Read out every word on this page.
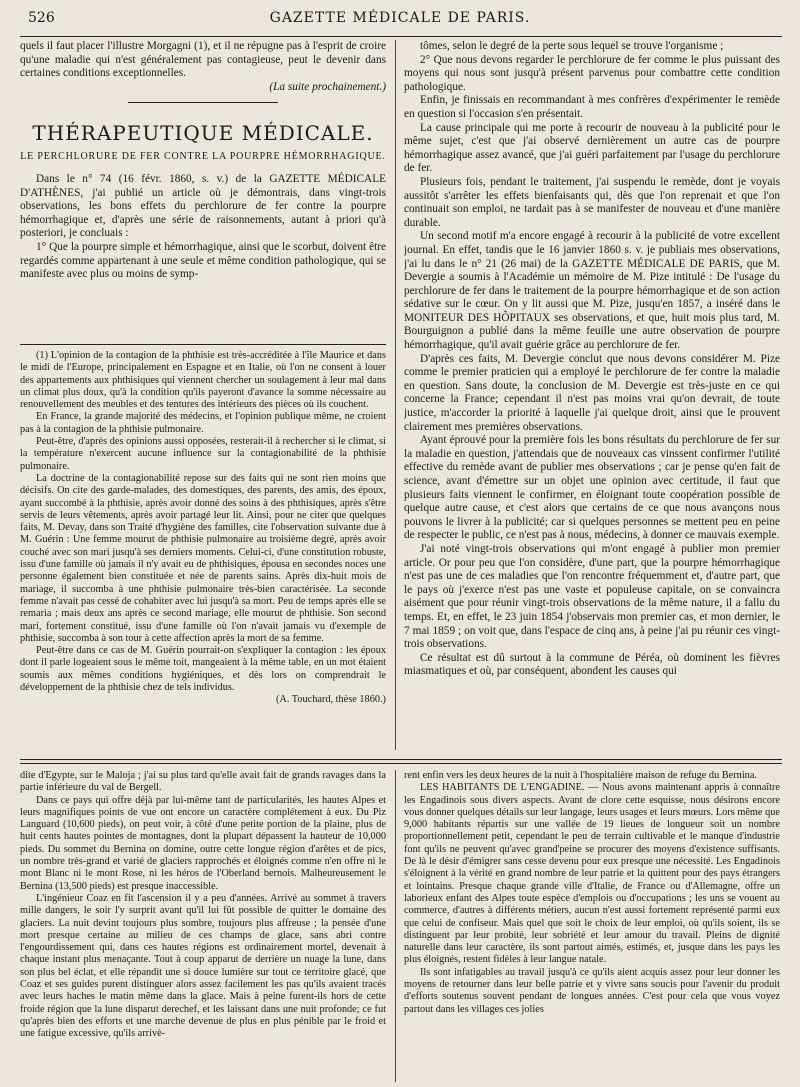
526	GAZETTE MÉDICALE DE PARIS.

quels il faut placer l'illustre Morgagni (1), et il ne répugne pas à l'esprit de croire qu'une maladie qui n'est généralement pas contagieuse, peut le devenir dans certaines conditions exceptionnelles.

(La suite prochainement.)

THÉRAPEUTIQUE MÉDICALE.
LE PERCHLORURE DE FER CONTRE LA POURPRE HÉMORRHAGIQUE.

Dans le n° 74 (16 févr. 1860, s. v.) de la GAZETTE MÉDICALE D'ATHÈNES, j'ai publié un article où je démontrais, dans vingt-trois observations, les bons effets du perchlorure de fer contre la pourpre hémorrhagique et, d'après une série de raisonnements, autant à priori qu'à posteriori, je concluais :

1° Que la pourpre simple et hémorrhagique, ainsi que le scorbut, doivent être regardés comme appartenant à une seule et même condition pathologique, qui se manifeste avec plus ou moins de symp-

(1) L'opinion de la contagion de la phthisie est très-accréditée à l'île Maurice et dans le midi de l'Europe, principalement en Espagne et en Italie, où l'on ne consent à louer des appartements aux phthisiques qui viennent chercher un soulagement à leur mal dans un climat plus doux, qu'à la condition qu'ils payeront d'avance la somme nécessaire au renouvellement des meubles et des tentures des intérieurs des pièces où ils couchent.

En France, la grande majorité des médecins, et l'opinion publique même, ne croient pas à la contagion de la phthisie pulmonaire.

Peut-être, d'après des opinions aussi opposées, resterait-il à rechercher si le climat, si la température n'exercent aucune influence sur la contagionabilité de la phthisie pulmonaire.

La doctrine de la contagionabilité repose sur des faits qui ne sont rien moins que décisifs. On cite des garde-malades, des domestiques, des parents, des amis, des époux, ayant succombé à la phthisie, après avoir donné des soins à des phthisiques, après s'être servis de leurs vêtements, après avoir partagé leur lit. Ainsi, pour ne citer que quelques faits, M. Devay, dans son Traité d'hygiène des familles, cite l'observation suivante due à M. Guérin : Une femme mourut de phthisie pulmonaire au troisième degré, après avoir couché avec son mari jusqu'à ses derniers moments. Celui-ci, d'une constitution robuste, issu d'une famille où jamais il n'y avait eu de phthisiques, épousa en secondes noces une personne également bien constituée et née de parents sains. Après dix-huit mois de mariage, il succomba à une phthisie pulmonaire très-bien caractérisée. La seconde femme n'avait pas cessé de cohabiter avec lui jusqu'à sa mort. Peu de temps après elle se remaria ; mais deux ans après ce second mariage, elle mourut de phthisie. Son second mari, fortement constitué, issu d'une famille où l'on n'avait jamais vu d'exemple de phthisie, succomba à son tour à cette affection après la mort de sa femme.

Peut-être dans ce cas de M. Guérin pourrait-on s'expliquer la contagion : les époux dont il parle logeaient sous le même toit, mangeaient à la même table, en un mot étaient soumis aux mêmes conditions hygiéniques, et dès lors on comprendrait le développement de la phthisie chez de tels individus.

(A. Touchard, thèse 1860.)

tômes, selon le degré de la perte sous lequel se trouve l'organisme ;

2° Que nous devons regarder le perchlorure de fer comme le plus puissant des moyens qui nous sont jusqu'à présent parvenus pour combattre cette condition pathologique.

Enfin, je finissais en recommandant à mes confrères d'expérimenter le remède en question si l'occasion s'en présentait.

La cause principale qui me porte à recourir de nouveau à la publicité pour le même sujet, c'est que j'ai observé dernièrement un autre cas de pourpre hémorrhagique assez avancé, que j'ai guéri parfaitement par l'usage du perchlorure de fer.

Plusieurs fois, pendant le traitement, j'ai suspendu le remède, dont je voyais aussitôt s'arrêter les effets bienfaisants qui, dès que l'on reprenait et que l'on continuait son emploi, ne tardait pas à se manifester de nouveau et d'une manière durable.

Un second motif m'a encore engagé à recourir à la publicité de votre excellent journal. En effet, tandis que le 16 janvier 1860 s. v. je publiais mes observations, j'ai lu dans le n° 21 (26 mai) de la GAZETTE MÉDICALE DE PARIS, que M. Devergie a soumis à l'Académie un mémoire de M. Pize intitulé : De l'usage du perchlorure de fer dans le traitement de la pourpre hémorrhagique et de son action sédative sur le cœur. On y lit aussi que M. Pize, jusqu'en 1857, a inséré dans le MONITEUR DES HÔPITAUX ses observations, et que, huit mois plus tard, M. Bourguignon a publié dans la même feuille une autre observation de pourpre hémorrhagique, qu'il avait guérie grâce au perchlorure de fer.

D'après ces faits, M. Devergie conclut que nous devons considérer M. Pize comme le premier praticien qui a employé le perchlorure de fer contre la maladie en question. Sans doute, la conclusion de M. Devergie est très-juste en ce qui concerne la France; cependant il n'est pas moins vrai qu'on devrait, de toute justice, m'accorder la priorité à laquelle j'ai quelque droit, ainsi que le prouvent clairement mes premières observations.

Ayant éprouvé pour la première fois les bons résultats du perchlorure de fer sur la maladie en question, j'attendais que de nouveaux cas vinssent confirmer l'utilité effective du remède avant de publier mes observations ; car je pense qu'en fait de science, avant d'émettre sur un objet une opinion avec certitude, il faut que plusieurs faits viennent le confirmer, en éloignant toute coopération possible de quelque autre cause, et c'est alors que certains de ce que nous avançons nous pouvons le livrer à la publicité; car si quelques personnes se mettent peu en peine de respecter le public, ce n'est pas à nous, médecins, à donner ce mauvais exemple.

J'ai noté vingt-trois observations qui m'ont engagé à publier mon premier article. Or pour peu que l'on considère, d'une part, que la pourpre hémorrhagique n'est pas une de ces maladies que l'on rencontre fréquemment et, d'autre part, que le pays où j'exerce n'est pas une vaste et populeuse capitale, on se convaincra aisément que pour réunir vingt-trois observations de la même nature, il a fallu du temps. Et, en effet, le 23 juin 1854 j'observais mon premier cas, et mon dernier, le 7 mai 1859 ; on voit que, dans l'espace de cinq ans, à peine j'ai pu réunir ces vingt-trois observations.

Ce résultat est dû surtout à la commune de Péréa, où dominent les fièvres miasmatiques et où, par conséquent, abondent les causes qui

dite d'Egypte, sur le Maloja ; j'ai su plus tard qu'elle avait fait de grands ravages dans la partie inférieure du val de Bergell.

Dans ce pays qui offre déjà par lui-même tant de particularités, les hautes Alpes et leurs magnifiques points de vue ont encore un caractère complétement à eux. Du Piz Languard (10,600 pieds), on peut voir, à côté d'une petite portion de la plaine, plus de huit cents hautes pointes de montagnes, dont la plupart dépassent la hauteur de 10,000 pieds. Du sommet du Bernina on domine, outre cette longue région d'arêtes et de pics, un nombre très-grand et varié de glaciers rapprochés et éloignés comme n'en offre ni le mont Blanc ni le mont Rose, ni les héros de l'Oberland bernois. Malheureusement le Bernina (13,500 pieds) est presque inaccessible.

L'ingénieur Coaz en fit l'ascension il y a peu d'années. Arrivé au sommet à travers mille dangers, le soir l'y surprit avant qu'il lui fût possible de quitter le domaine des glaciers. La nuit devint toujours plus sombre, toujours plus affreuse ; la pensée d'une mort presque certaine au milieu de ces champs de glace, sans abri contre l'engourdissement qui, dans ces hautes régions est ordinairement mortel, devenait à chaque instant plus menaçante. Tout à coup apparut de derrière un nuage la lune, dans son plus bel éclat, et elle répandit une si douce lumière sur tout ce territoire glacé, que Coaz et ses guides purent distinguer alors assez facilement les pas qu'ils avaient tracés avec leurs haches le matin même dans la glace. Mais à peine furent-ils hors de cette froide région que la lune disparut derechef, et les laissant dans une nuit profonde; ce fut qu'après bien des efforts et une marche devenue de plus en plus pénible par le froid et une fatigue excessive, qu'ils arrivè-

rent enfin vers les deux heures de la nuit à l'hospitalière maison de refuge du Bernina.

LES HABITANTS DE L'ENGADINE. — Nous avons maintenant appris à connaître les Engadinois sous divers aspects. Avant de clore cette esquisse, nous désirons encore vous donner quelques détails sur leur langage, leurs usages et leurs mœurs. Lors même que 9,000 habitants répartis sur une vallée de 19 lieues de longueur soit un nombre proportionnellement petit, cependant le peu de terrain cultivable et le manque d'industrie font qu'ils ne peuvent qu'avec grand'peine se procurer des moyens d'existence suffisants. De là le désir d'émigrer sans cesse devenu pour eux presque une nécessité. Les Engadinois s'éloignent à la vérité en grand nombre de leur patrie et la quittent pour des pays étrangers et lointains. Presque chaque grande ville d'Italie, de France ou d'Allemagne, offre un laborieux enfant des Alpes toute espèce d'emplois ou d'occupations ; les uns se vouent au commerce, d'autres à différents métiers, aucun n'est aussi fortement représenté parmi eux que celui de confiseur. Mais quel que soit le choix de leur emploi, où qu'ils soient, ils se distinguent par leur probité, leur sobriété et leur amour du travail. Pleins de dignité naturelle dans leur caractère, ils sont partout aimés, estimés, et, jusque dans les pays les plus éloignés, restent fidèles à leur langue natale.

Ils sont infatigables au travail jusqu'à ce qu'ils aient acquis assez pour leur donner les moyens de retourner dans leur belle patrie et y vivre sans soucis pour l'avenir du produit d'efforts soutenus souvent pendant de longues années. C'est pour cela que vous voyez partout dans les villages ces jolies
